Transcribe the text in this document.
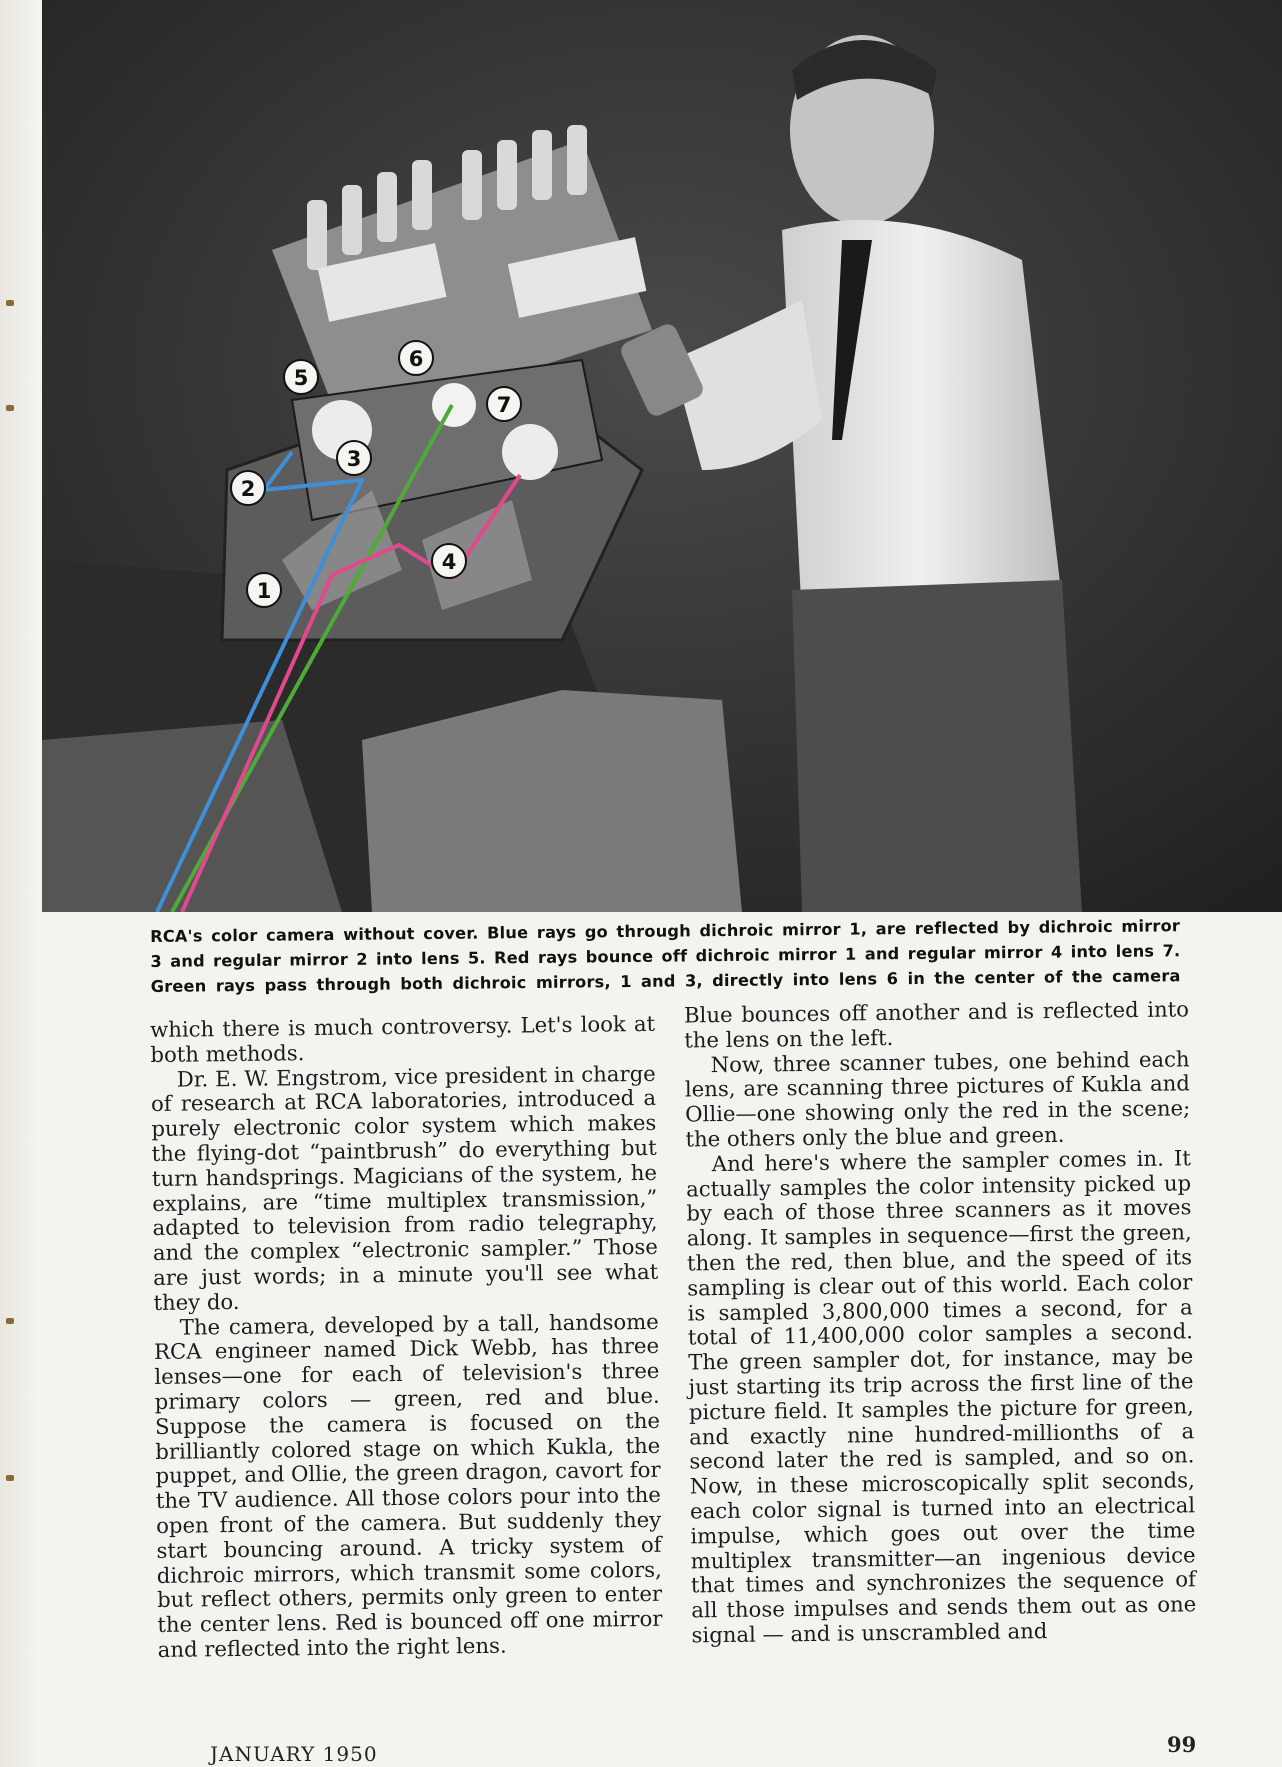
5
6
7
3
2
4
1
RCA's color camera without cover. Blue rays go through dichroic mirror 1, are reflected by dichroic mirror
3 and regular mirror 2 into lens 5. Red rays bounce off dichroic mirror 1 and regular mirror 4 into lens 7.
Green rays pass through both dichroic mirrors, 1 and 3, directly into lens 6 in the center of the camera

which there is much controversy. Let's look at both methods.

Dr. E. W. Engstrom, vice president in charge of research at RCA laboratories, introduced a purely electronic color system which makes the flying-dot “paintbrush” do everything but turn handsprings. Magicians of the system, he explains, are “time multiplex transmission,” adapted to television from radio telegraphy, and the complex “electronic sampler.” Those are just words; in a minute you'll see what they do.

The camera, developed by a tall, handsome RCA engineer named Dick Webb, has three lenses—one for each of television's three primary colors — green, red and blue. Suppose the camera is focused on the brilliantly colored stage on which Kukla, the puppet, and Ollie, the green dragon, cavort for the TV audience. All those colors pour into the open front of the camera. But suddenly they start bouncing around. A tricky system of dichroic mirrors, which transmit some colors, but reflect others, permits only green to enter the center lens. Red is bounced off one mirror and reflected into the right lens.

Blue bounces off another and is reflected into the lens on the left.

Now, three scanner tubes, one behind each lens, are scanning three pictures of Kukla and Ollie—one showing only the red in the scene; the others only the blue and green.

And here's where the sampler comes in. It actually samples the color intensity picked up by each of those three scanners as it moves along. It samples in sequence—first the green, then the red, then blue, and the speed of its sampling is clear out of this world. Each color is sampled 3,800,000 times a second, for a total of 11,400,000 color samples a second. The green sampler dot, for instance, may be just starting its trip across the first line of the picture field. It samples the picture for green, and exactly nine hundred-millionths of a second later the red is sampled, and so on. Now, in these microscopically split seconds, each color signal is turned into an electrical impulse, which goes out over the time multiplex transmitter—an ingenious device that times and synchronizes the sequence of all those impulses and sends them out as one signal — and is unscrambled and

JANUARY 1950	99
